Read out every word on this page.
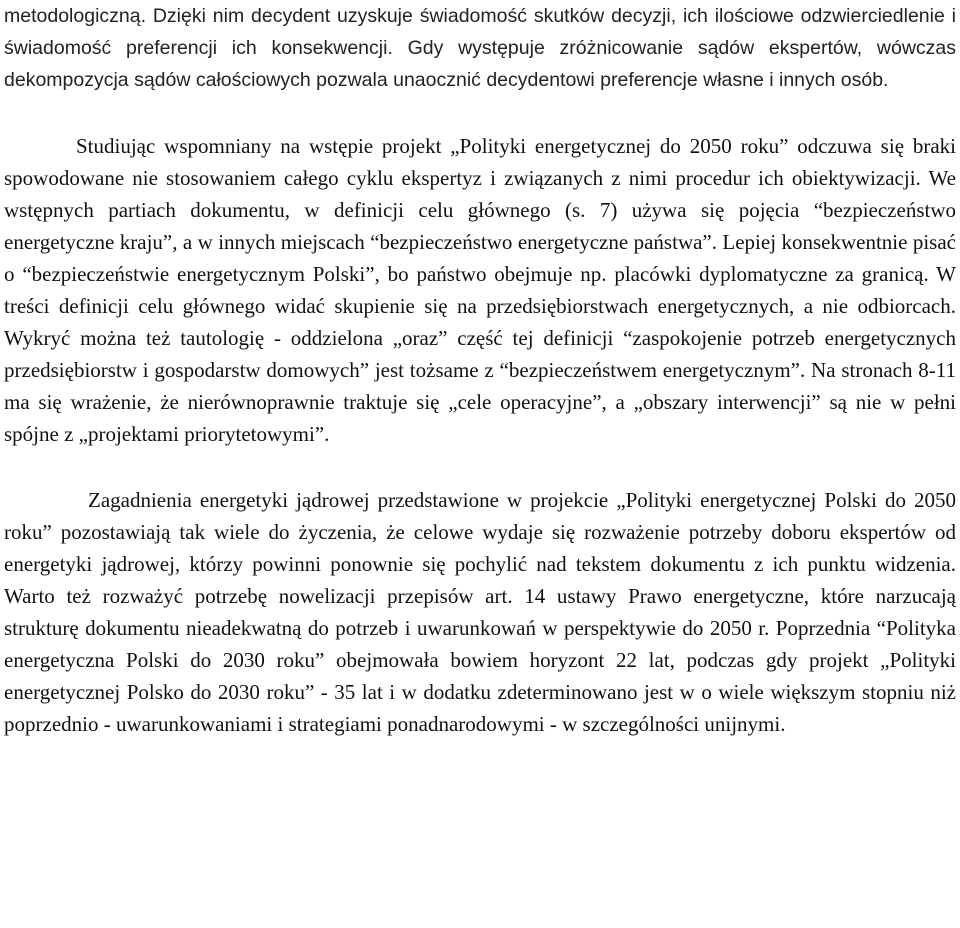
metodologiczną. Dzięki nim decydent uzyskuje świadomość skutków decyzji, ich ilościowe odzwierciedlenie i świadomość preferencji ich konsekwencji. Gdy występuje zróżnicowanie sądów ekspertów, wówczas dekompozycja sądów całościowych pozwala unaocznić decydentowi preferencje własne i innych osób.

Studiując wspomniany na wstępie projekt „Polityki energetycznej do 2050 roku” odczuwa się braki spowodowane nie stosowaniem całego cyklu ekspertyz i związanych z nimi procedur ich obiektywizacji. We wstępnych partiach dokumentu, w definicji celu głównego (s. 7) używa się pojęcia “bezpieczeństwo energetyczne kraju”, a w innych miejscach “bezpieczeństwo energetyczne państwa”. Lepiej konsekwentnie pisać o “bezpieczeństwie energetycznym Polski”, bo państwo obejmuje np. placówki dyplomatyczne za granicą. W treści definicji celu głównego widać skupienie się na przedsiębiorstwach energetycznych, a nie odbiorcach. Wykryć można też tautologię - oddzielona „oraz” część tej definicji “zaspokojenie potrzeb energetycznych przedsiębiorstw i gospodarstw domowych” jest tożsame z “bezpieczeństwem energetycznym”. Na stronach 8-11 ma się wrażenie, że nierównoprawnie traktuje się „cele operacyjne”, a „obszary interwencji” są nie w pełni spójne z „projektami priorytetowymi”.

Zagadnienia energetyki jądrowej przedstawione w projekcie „Polityki energetycznej Polski do 2050 roku” pozostawiają tak wiele do życzenia, że celowe wydaje się rozważenie potrzeby doboru ekspertów od energetyki jądrowej, którzy powinni ponownie się pochylić nad tekstem dokumentu z ich punktu widzenia. Warto też rozważyć potrzebę nowelizacji przepisów art. 14 ustawy Prawo energetyczne, które narzucają strukturę dokumentu nieadekwatną do potrzeb i uwarunkowań w perspektywie do 2050 r. Poprzednia “Polityka energetyczna Polski do 2030 roku” obejmowała bowiem horyzont 22 lat, podczas gdy projekt „Polityki energetycznej Polsko do 2030 roku” - 35 lat i w dodatku zdeterminowano jest w o wiele większym stopniu niż poprzednio - uwarunkowaniami i strategiami ponadnarodowymi - w szczególności unijnymi.
